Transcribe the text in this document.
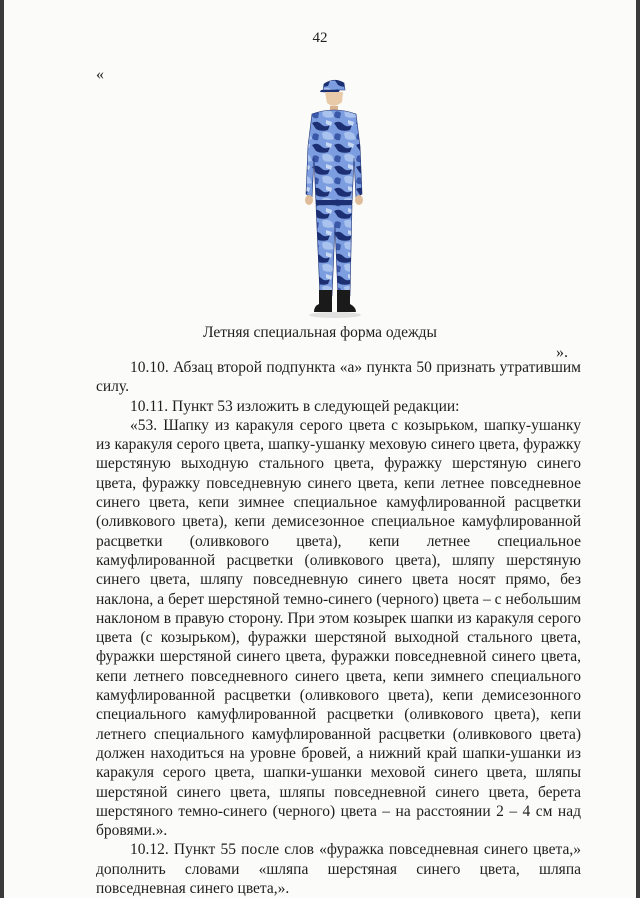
42
«
Летняя специальная форма одежды
».

10.10. Абзац второй подпункта «а» пункта 50 признать утратившим силу.

10.11. Пункт 53 изложить в следующей редакции:

«53. Шапку из каракуля серого цвета с козырьком, шапку-ушанку из каракуля серого цвета, шапку-ушанку меховую синего цвета, фуражку шерстяную выходную стального цвета, фуражку шерстяную синего цвета, фуражку повседневную синего цвета, кепи летнее повседневное синего цвета, кепи зимнее специальное камуфлированной расцветки (оливкового цвета), кепи демисезонное специальное камуфлированной расцветки (оливкового цвета), кепи летнее специальное камуфлированной расцветки (оливкового цвета), шляпу шерстяную синего цвета, шляпу повседневную синего цвета носят прямо, без наклона, а берет шерстяной темно-синего (черного) цвета – с небольшим наклоном в правую сторону. При этом козырек шапки из каракуля серого цвета (с козырьком), фуражки шерстяной выходной стального цвета, фуражки шерстяной синего цвета, фуражки повседневной синего цвета, кепи летнего повседневного синего цвета, кепи зимнего специального камуфлированной расцветки (оливкового цвета), кепи демисезонного специального камуфлированной расцветки (оливкового цвета), кепи летнего специального камуфлированной расцветки (оливкового цвета) должен находиться на уровне бровей, а нижний край шапки-ушанки из каракуля серого цвета, шапки-ушанки меховой синего цвета, шляпы шерстяной синего цвета, шляпы повседневной синего цвета, берета шерстяного темно-синего (черного) цвета – на расстоянии 2 – 4 см над бровями.».

10.12. Пункт 55 после слов «фуражка повседневная синего цвета,» дополнить словами «шляпа шерстяная синего цвета, шляпа повседневная синего цвета,».
